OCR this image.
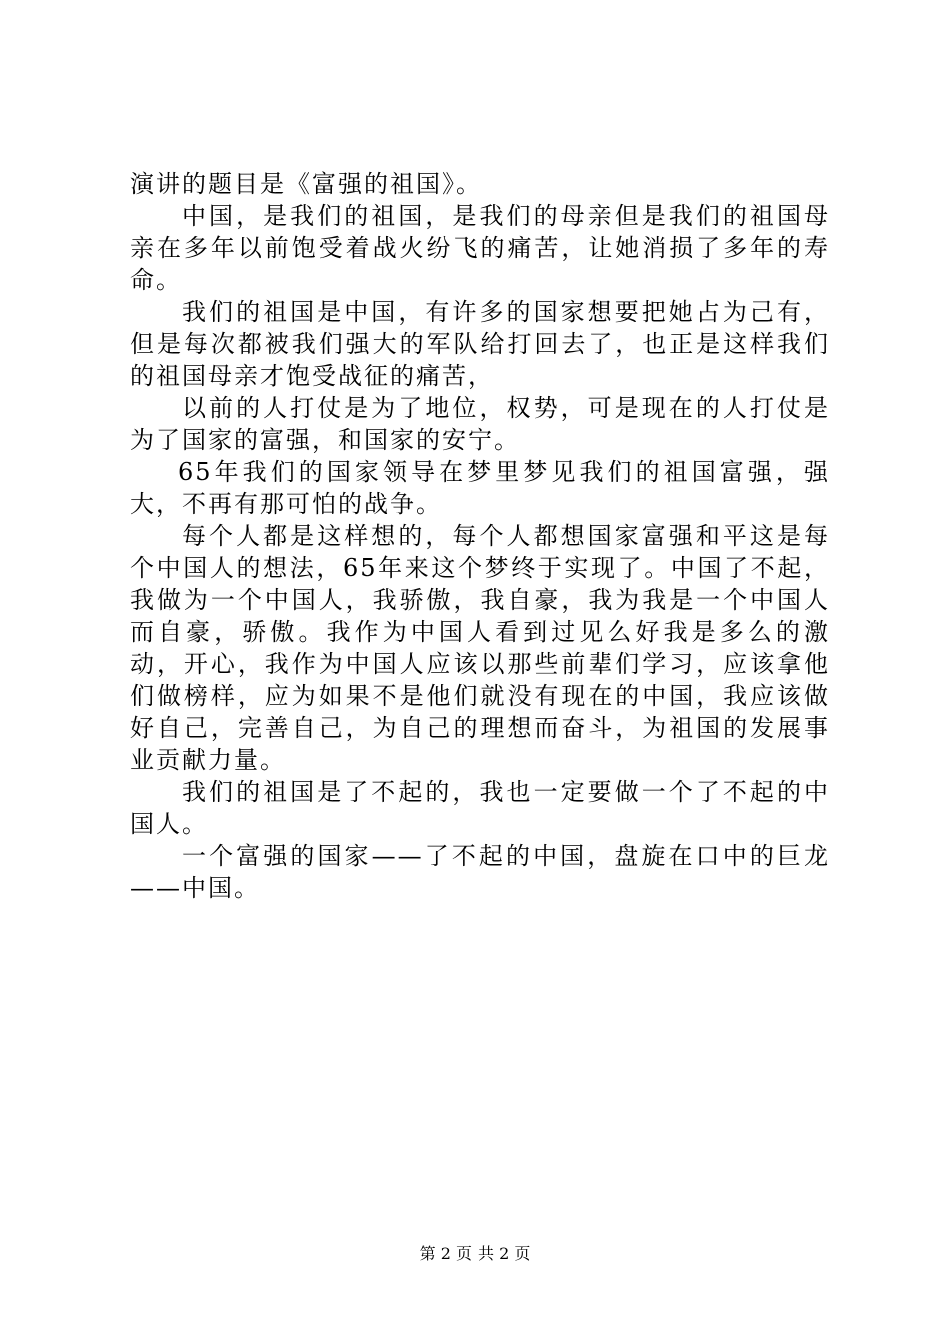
演讲的题目是《富强的祖国》。

中国，是我们的祖国，是我们的母亲但是我们的祖国母亲在多年以前饱受着战火纷飞的痛苦，让她消损了多年的寿命。

我们的祖国是中国，有许多的国家想要把她占为己有，但是每次都被我们强大的军队给打回去了，也正是这样我们的祖国母亲才饱受战征的痛苦，

以前的人打仗是为了地位，权势，可是现在的人打仗是为了国家的富强，和国家的安宁。

65年我们的国家领导在梦里梦见我们的祖国富强，强大，不再有那可怕的战争。

每个人都是这样想的，每个人都想国家富强和平这是每个中国人的想法，65年来这个梦终于实现了。中国了不起，我做为一个中国人，我骄傲，我自豪，我为我是一个中国人而自豪，骄傲。我作为中国人看到过见么好我是多么的激动，开心，我作为中国人应该以那些前辈们学习，应该拿他们做榜样，应为如果不是他们就没有现在的中国，我应该做好自己，完善自己，为自己的理想而奋斗，为祖国的发展事业贡献力量。

我们的祖国是了不起的，我也一定要做一个了不起的中国人。

一个富强的国家——了不起的中国，盘旋在口中的巨龙——中国。

第 2 页 共 2 页
